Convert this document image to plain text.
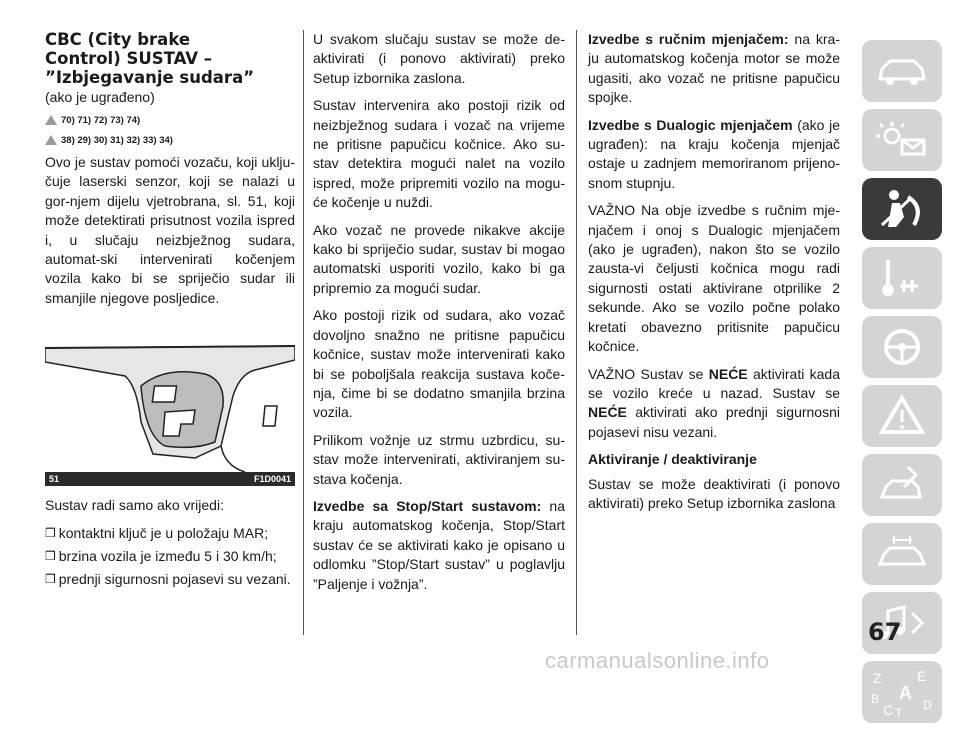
CBC (City brake
Control) SUSTAV –
”Izbjegavanje sudara”
(ako je ugrađeno)
70) 71) 72) 73) 74)
38) 29) 30) 31) 32) 33) 34)

Ovo je sustav pomoći vozaču, koji uklju-čuje laserski senzor, koji se nalazi u gor-njem dijelu vjetrobrana, sl. 51, koji može detektirati prisutnost vozila ispred i, u slučaju neizbježnog sudara, automat-ski intervenirati kočenjem vozila kako bi se spriječio sudar ili smanjile njegove posljedice.

51	F1D0041

Sustav radi samo ako vrijedi:

❒ kontaktni ključ je u položaju MAR;
❒ brzina vozila je između 5 i 30 km/h;
❒ prednji sigurnosni pojasevi su vezani.

U svakom slučaju sustav se može de-aktivirati (i ponovo aktivirati) preko Setup izbornika zaslona.

Sustav intervenira ako postoji rizik od neizbježnog sudara i vozač na vrijeme ne pritisne papučicu kočnice. Ako su-stav detektira mogući nalet na vozilo ispred, može pripremiti vozilo na mogu-će kočenje u nuždi.

Ako vozač ne provede nikakve akcije kako bi spriječio sudar, sustav bi mogao automatski usporiti vozilo, kako bi ga pripremio za mogući sudar.

Ako postoji rizik od sudara, ako vozač dovoljno snažno ne pritisne papučicu kočnice, sustav može intervenirati kako bi se poboljšala reakcija sustava koče-nja, čime bi se dodatno smanjila brzina vozila.

Prilikom vožnje uz strmu uzbrdicu, su-stav može intervenirati, aktiviranjem su-stava kočenja.

Izvedbe sa Stop/Start sustavom: na kraju automatskog kočenja, Stop/Start sustav će se aktivirati kako je opisano u odlomku ”Stop/Start sustav” u poglavlju ”Paljenje i vožnja”.

Izvedbe s ručnim mjenjačem: na kra-ju automatskog kočenja motor se može ugasiti, ako vozač ne pritisne papučicu spojke.

Izvedbe s Dualogic mjenjačem (ako je ugrađen): na kraju kočenja mjenjač ostaje u zadnjem memoriranom prijeno-snom stupnju.

VAŽNO Na obje izvedbe s ručnim mje-njačem i onoj s Dualogic mjenjačem (ako je ugrađen), nakon što se vozilo zausta-vi čeljusti kočnica mogu radi sigurnosti ostati aktivirane otprilike 2 sekunde. Ako se vozilo počne polako kretati obavezno pritisnite papučicu kočnice.

VAŽNO Sustav se NEĆE aktivirati kada se vozilo kreće u nazad. Sustav se NEĆE aktivirati ako prednji sigurnosni pojasevi nisu vezani.

Aktiviranje / deaktiviranje

Sustav se može deaktivirati (i ponovo aktivirati) preko Setup izbornika zaslona

Z	E
B A
C D
T
67
carmanualsonline.info
